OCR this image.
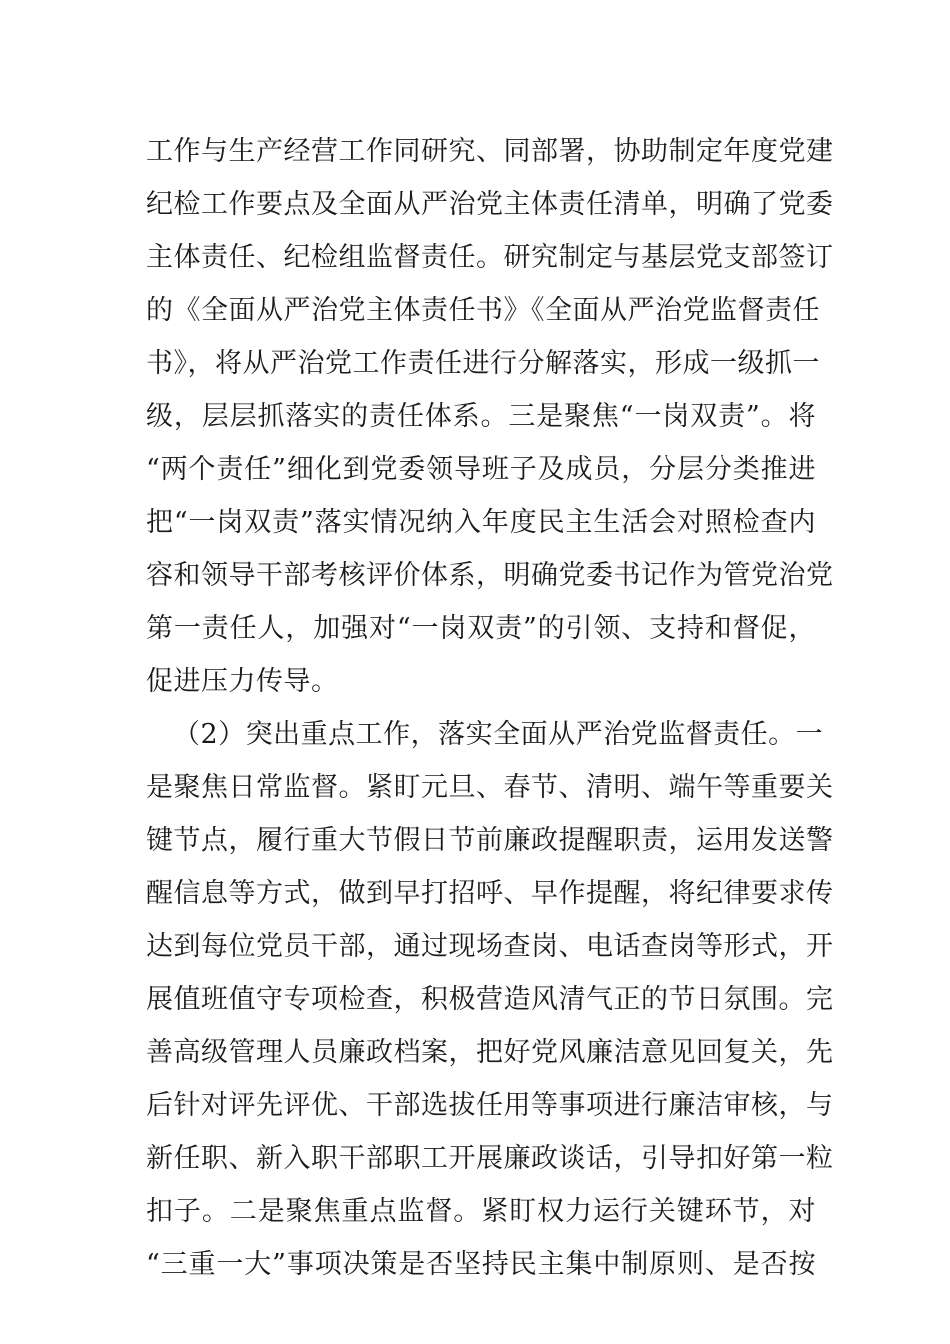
工作与生产经营工作同研究、同部署，协助制定年度党建
纪检工作要点及全面从严治党主体责任清单，明确了党委
主体责任、纪检组监督责任。研究制定与基层党支部签订
的《全面从严治党主体责任书》《全面从严治党监督责任
书》，将从严治党工作责任进行分解落实，形成一级抓一
级，层层抓落实的责任体系。三是聚焦“一岗双责”。将
“两个责任”细化到党委领导班子及成员，分层分类推进
把“一岗双责”落实情况纳入年度民主生活会对照检查内
容和领导干部考核评价体系，明确党委书记作为管党治党
第一责任人，加强对“一岗双责”的引领、支持和督促，
促进压力传导。
（2）突出重点工作，落实全面从严治党监督责任。一
是聚焦日常监督。紧盯元旦、春节、清明、端午等重要关
键节点，履行重大节假日节前廉政提醒职责，运用发送警
醒信息等方式，做到早打招呼、早作提醒，将纪律要求传
达到每位党员干部，通过现场查岗、电话查岗等形式，开
展值班值守专项检查，积极营造风清气正的节日氛围。完
善高级管理人员廉政档案，把好党风廉洁意见回复关，先
后针对评先评优、干部选拔任用等事项进行廉洁审核，与
新任职、新入职干部职工开展廉政谈话，引导扣好第一粒
扣子。二是聚焦重点监督。紧盯权力运行关键环节，对
“三重一大”事项决策是否坚持民主集中制原则、是否按
